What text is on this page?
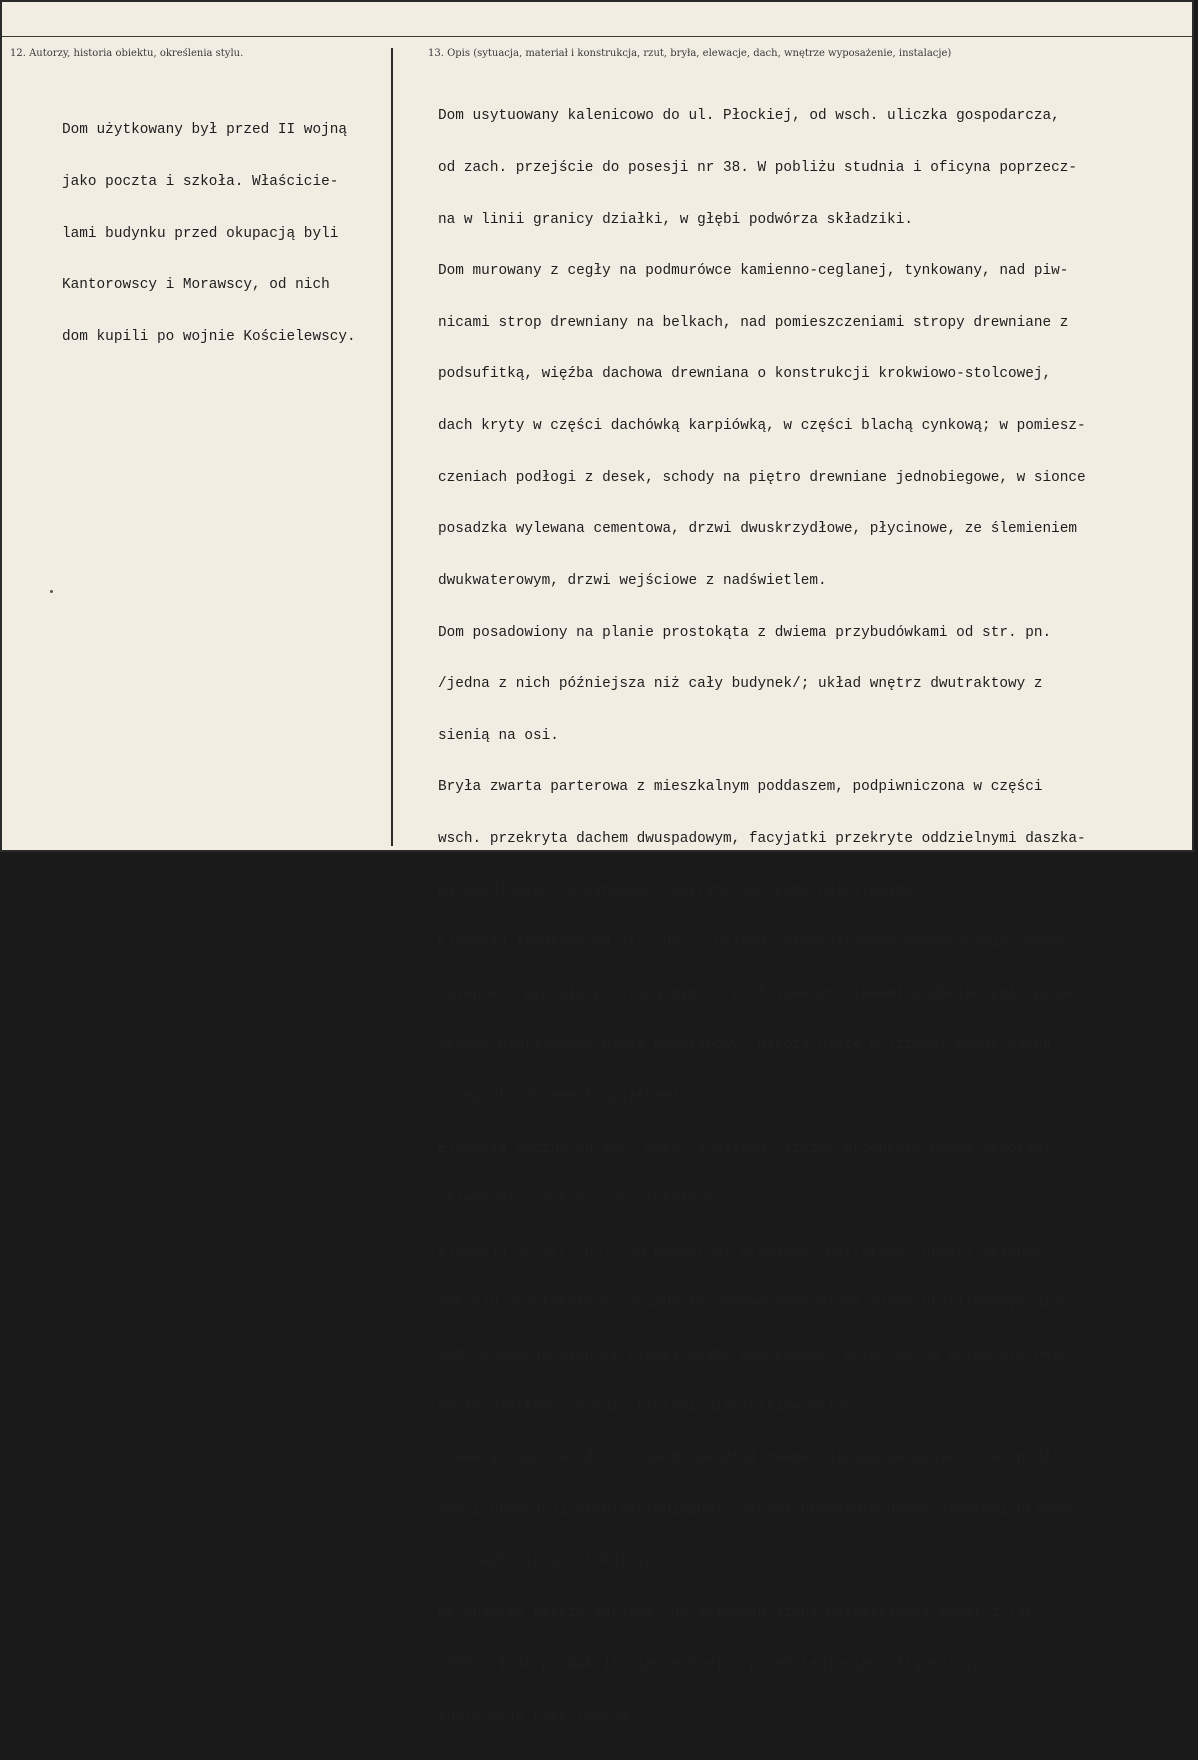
12. Autorzy, historia obiektu, określenia stylu.	13. Opis (sytuacja, materiał i konstrukcja, rzut, bryła, elewacje, dach, wnętrze wyposażenie, instalacje)

Dom użytkowany był przed II wojną

jako poczta i szkoła. Właścicie-

lami budynku przed okupacją byli

Kantorowscy i Morawscy, od nich

dom kupili po wojnie Kościelewscy.

Dom usytuowany kalenicowo do ul. Płockiej, od wsch. uliczka gospodarcza,

od zach. przejście do posesji nr 38. W pobliżu studnia i oficyna poprzecz-

na w linii granicy działki, w głębi podwórza składziki.

Dom murowany z cegły na podmurówce kamienno-ceglanej, tynkowany, nad piw-

nicami strop drewniany na belkach, nad pomieszczeniami stropy drewniane z

podsufitką, więźba dachowa drewniana o konstrukcji krokwiowo-stolcowej,

dach kryty w części dachówką karpiówką, w części blachą cynkową; w pomiesz-

czeniach podłogi z desek, schody na piętro drewniane jednobiegowe, w sionce

posadzka wylewana cementowa, drzwi dwuskrzydłowe, płycinowe, ze ślemieniem

dwukwaterowym, drzwi wejściowe z nadświetlem.

Dom posadowiony na planie prostokąta z dwiema przybudówkami od str. pn.

/jedna z nich późniejsza niż cały budynek/; układ wnętrz dwutraktowy z

sienią na osi.

Bryła zwarta parterowa z mieszkalnym poddaszem, podpiwniczona w części

wsch. przekryta dachem dwuspadowym, facyjatki przekryte oddzielnymi daszka-

mi siodłowymi, przybudówki nakryte daszkami pulpitowymi.

Elewacja frontowa od str. pd. 7-osiowa, ukształtowana symetrycznie, otwory

okienne o wykroju prostokątnym, z profilowanymi ławami podokiennymi, ponad

oknami profilowany gzyms podokapowy; naroża ujęte w lizeny; połać dachu

przepruta dwiema facyjatkami.

Elewacja boczna od str. wsch. 1-osiowa, szczyt przepruty dwoma otworami

okiennymi o wykroju prostokątnym.

Elewacja od str. pn. /od podwórza/ 8-osiowa, parterowa, otwory okienne o

wykroju prostokątnym, ściana kolankowa oddzielona słabo profilowanym gzym-

sem, elewację wieńczy płaski gzyms podokapowy; połać dachu przepruta dwie-

ma facyjatkami, między którymi niewielkiświetlik.

Elewacja boczna od str. zach. ukształtowana całkowicie płasko, bez podzia-

łów i dekoracji architektonicznej; szczyt przepruty dwoma otworami okienny-

mi o wykroju prostokątnym.

We wnętrzu piecie kaflowe, na ścianach sieni pozostałości tapet z lat

1939 - 1945 produkcji niemieckiej z przedstawieniami figuralnymi.

Instalacja elektryczna.
